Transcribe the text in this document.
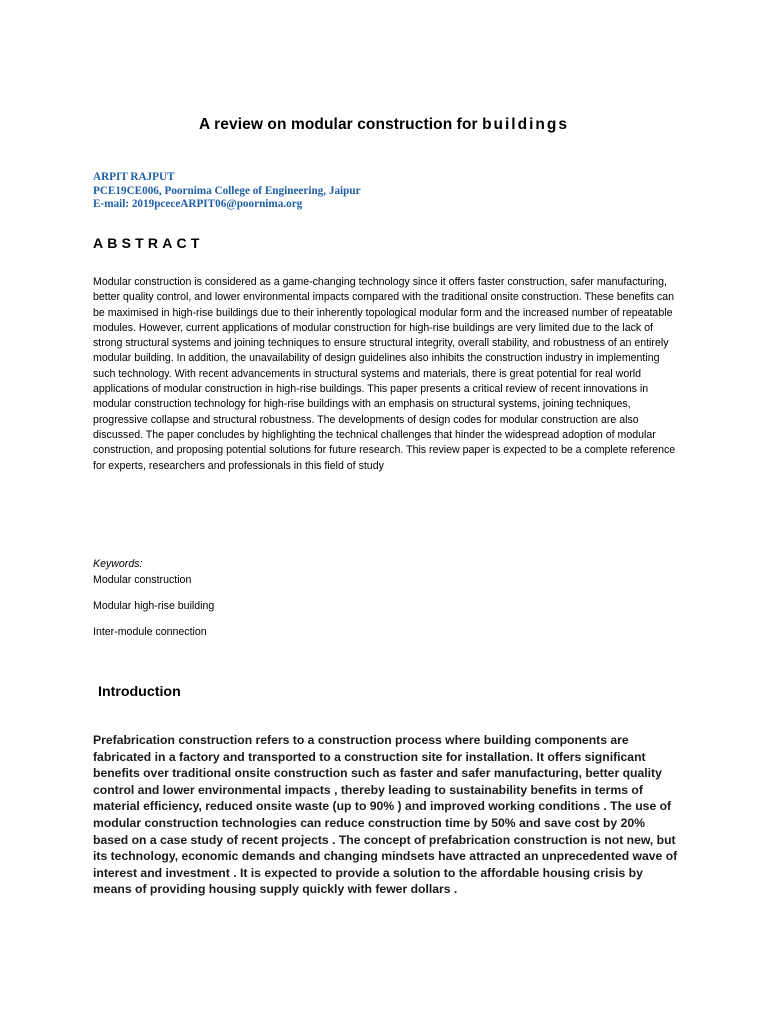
A review on modular construction for buildings
ARPIT RAJPUT
PCE19CE006, Poornima College of Engineering, Jaipur
E-mail: 2019pceceARPIT06@poornima.org
ABSTRACT
Modular construction is considered as a game-changing technology since it offers faster construction, safer manufacturing, better quality control, and lower environmental impacts compared with the traditional onsite construction. These benefits can be maximised in high-rise buildings due to their inherently topological modular form and the increased number of repeatable modules. However, current applications of modular construction for high-rise buildings are very limited due to the lack of strong structural systems and joining techniques to ensure structural integrity, overall stability, and robustness of an entirely modular building. In addition, the unavailability of design guidelines also inhibits the construction industry in implementing such technology. With recent advancements in structural systems and materials, there is great potential for real world applications of modular construction in high-rise buildings. This paper presents a critical review of recent innovations in modular construction technology for high-rise buildings with an emphasis on structural systems, joining techniques, progressive collapse and structural robustness. The developments of design codes for modular construction are also discussed. The paper concludes by highlighting the technical challenges that hinder the widespread adoption of modular construction, and proposing potential solutions for future research. This review paper is expected to be a complete reference for experts, researchers and professionals in this field of study
Keywords:
Modular construction
Modular high-rise building
Inter-module connection
Introduction
Prefabrication construction refers to a construction process where building components are fabricated in a factory and transported to a construction site for installation. It offers significant benefits over traditional onsite construction such as faster and safer manufacturing, better quality control and lower environmental impacts , thereby leading to sustainability benefits in terms of material efficiency, reduced onsite waste (up to 90% ) and improved working conditions . The use of modular construction technologies can reduce construction time by 50% and save cost by 20% based on a case study of recent projects . The concept of prefabrication construction is not new, but its technology, economic demands and changing mindsets have attracted an unprecedented wave of interest and investment . It is expected to provide a solution to the affordable housing crisis by means of providing housing supply quickly with fewer dollars .
